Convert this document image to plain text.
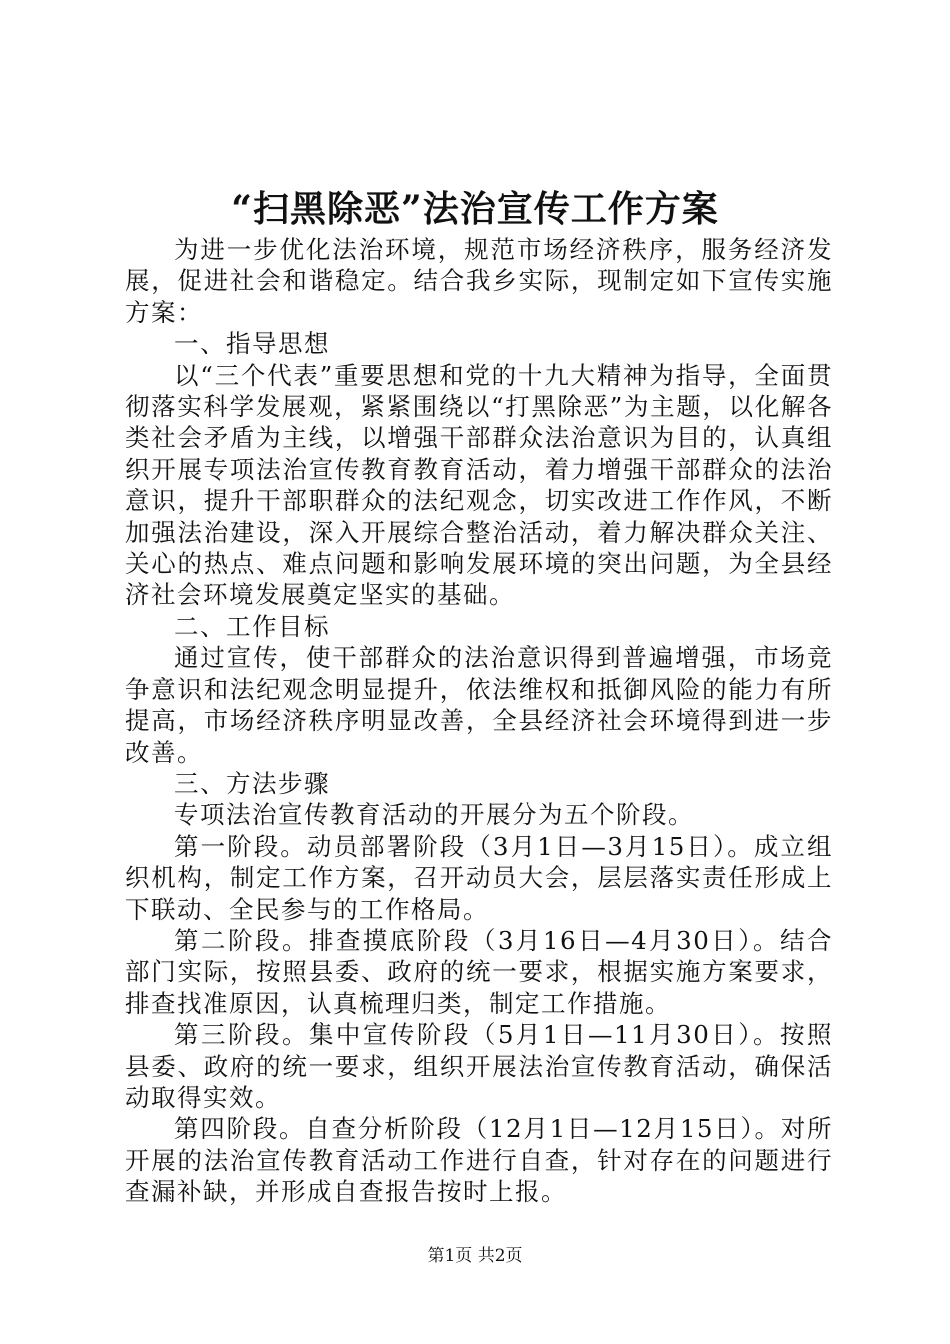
“扫黑除恶”法治宣传工作方案

为进一步优化法治环境，规范市场经济秩序，服务经济发展，促进社会和谐稳定。结合我乡实际，现制定如下宣传实施方案：

一、指导思想

以“三个代表”重要思想和党的十九大精神为指导，全面贯彻落实科学发展观，紧紧围绕以“打黑除恶”为主题，以化解各类社会矛盾为主线，以增强干部群众法治意识为目的，认真组织开展专项法治宣传教育教育活动，着力增强干部群众的法治意识，提升干部职群众的法纪观念，切实改进工作作风，不断加强法治建设，深入开展综合整治活动，着力解决群众关注、关心的热点、难点问题和影响发展环境的突出问题，为全县经济社会环境发展奠定坚实的基础。

二、工作目标

通过宣传，使干部群众的法治意识得到普遍增强，市场竞争意识和法纪观念明显提升，依法维权和抵御风险的能力有所提高，市场经济秩序明显改善，全县经济社会环境得到进一步改善。

三、方法步骤

专项法治宣传教育活动的开展分为五个阶段。

第一阶段。动员部署阶段（3月1日—3月15日）。成立组织机构，制定工作方案，召开动员大会，层层落实责任形成上下联动、全民参与的工作格局。

第二阶段。排查摸底阶段（3月16日—4月30日）。结合部门实际，按照县委、政府的统一要求，根据实施方案要求，排查找准原因，认真梳理归类，制定工作措施。

第三阶段。集中宣传阶段（5月1日—11月30日）。按照县委、政府的统一要求，组织开展法治宣传教育活动，确保活动取得实效。

第四阶段。自查分析阶段（12月1日—12月15日）。对所开展的法治宣传教育活动工作进行自查，针对存在的问题进行查漏补缺，并形成自查报告按时上报。

第1页 共2页
